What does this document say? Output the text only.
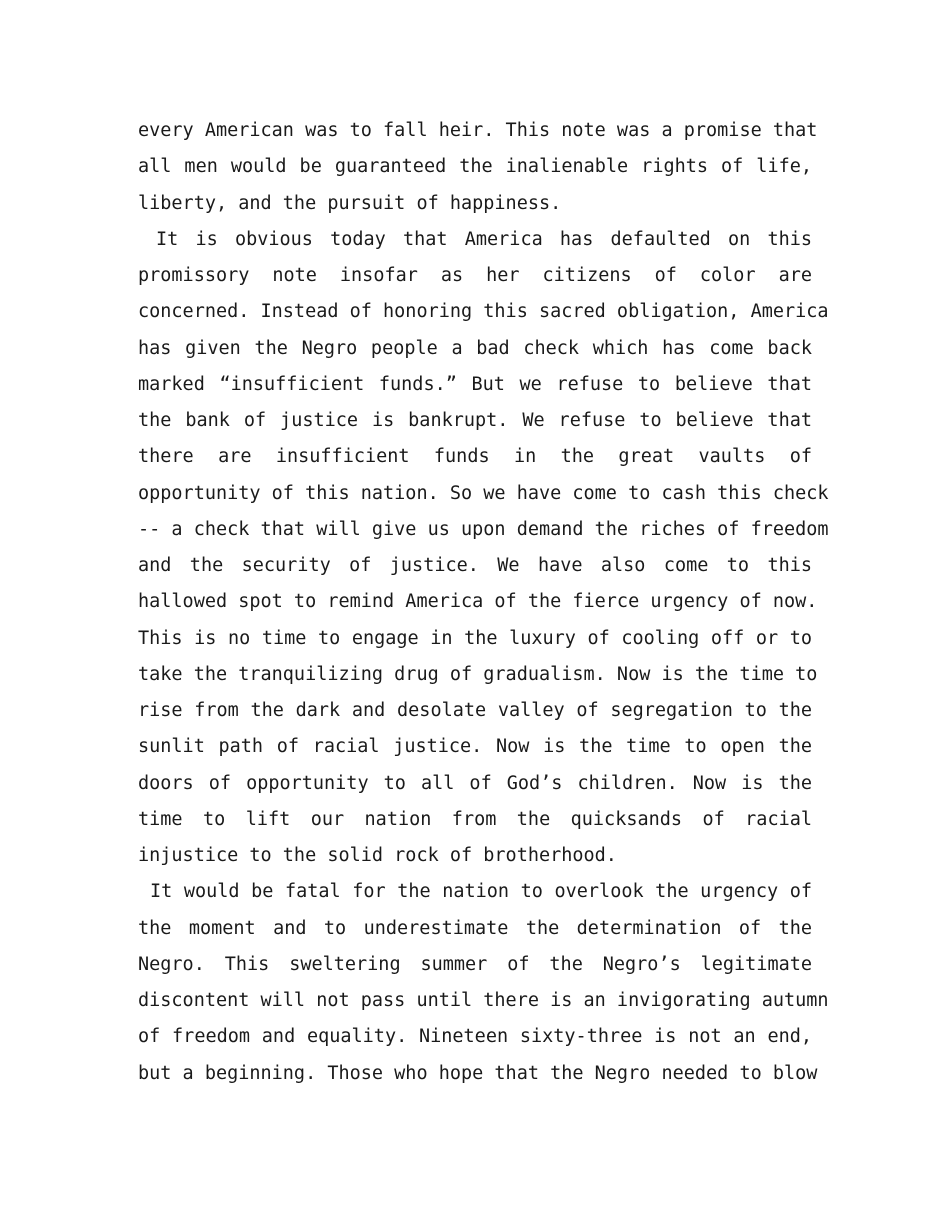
every American was to fall heir. This note was a promise that
all men would be guaranteed the inalienable rights of life,
liberty, and the pursuit of happiness.
It is obvious today that America has defaulted on this
promissory note insofar as her citizens of color are
concerned. Instead of honoring this sacred obligation, America
has given the Negro people a bad check which has come back
marked “insufficient funds.” But we refuse to believe that
the bank of justice is bankrupt. We refuse to believe that
there are insufficient funds in the great vaults of
opportunity of this nation. So we have come to cash this check
-- a check that will give us upon demand the riches of freedom
and the security of justice. We have also come to this
hallowed spot to remind America of the fierce urgency of now.
This is no time to engage in the luxury of cooling off or to
take the tranquilizing drug of gradualism. Now is the time to
rise from the dark and desolate valley of segregation to the
sunlit path of racial justice. Now is the time to open the
doors of opportunity to all of God’s children. Now is the
time to lift our nation from the quicksands of racial
injustice to the solid rock of brotherhood.
It would be fatal for the nation to overlook the urgency of
the moment and to underestimate the determination of the
Negro. This sweltering summer of the Negro’s legitimate
discontent will not pass until there is an invigorating autumn
of freedom and equality. Nineteen sixty-three is not an end,
but a beginning. Those who hope that the Negro needed to blow
